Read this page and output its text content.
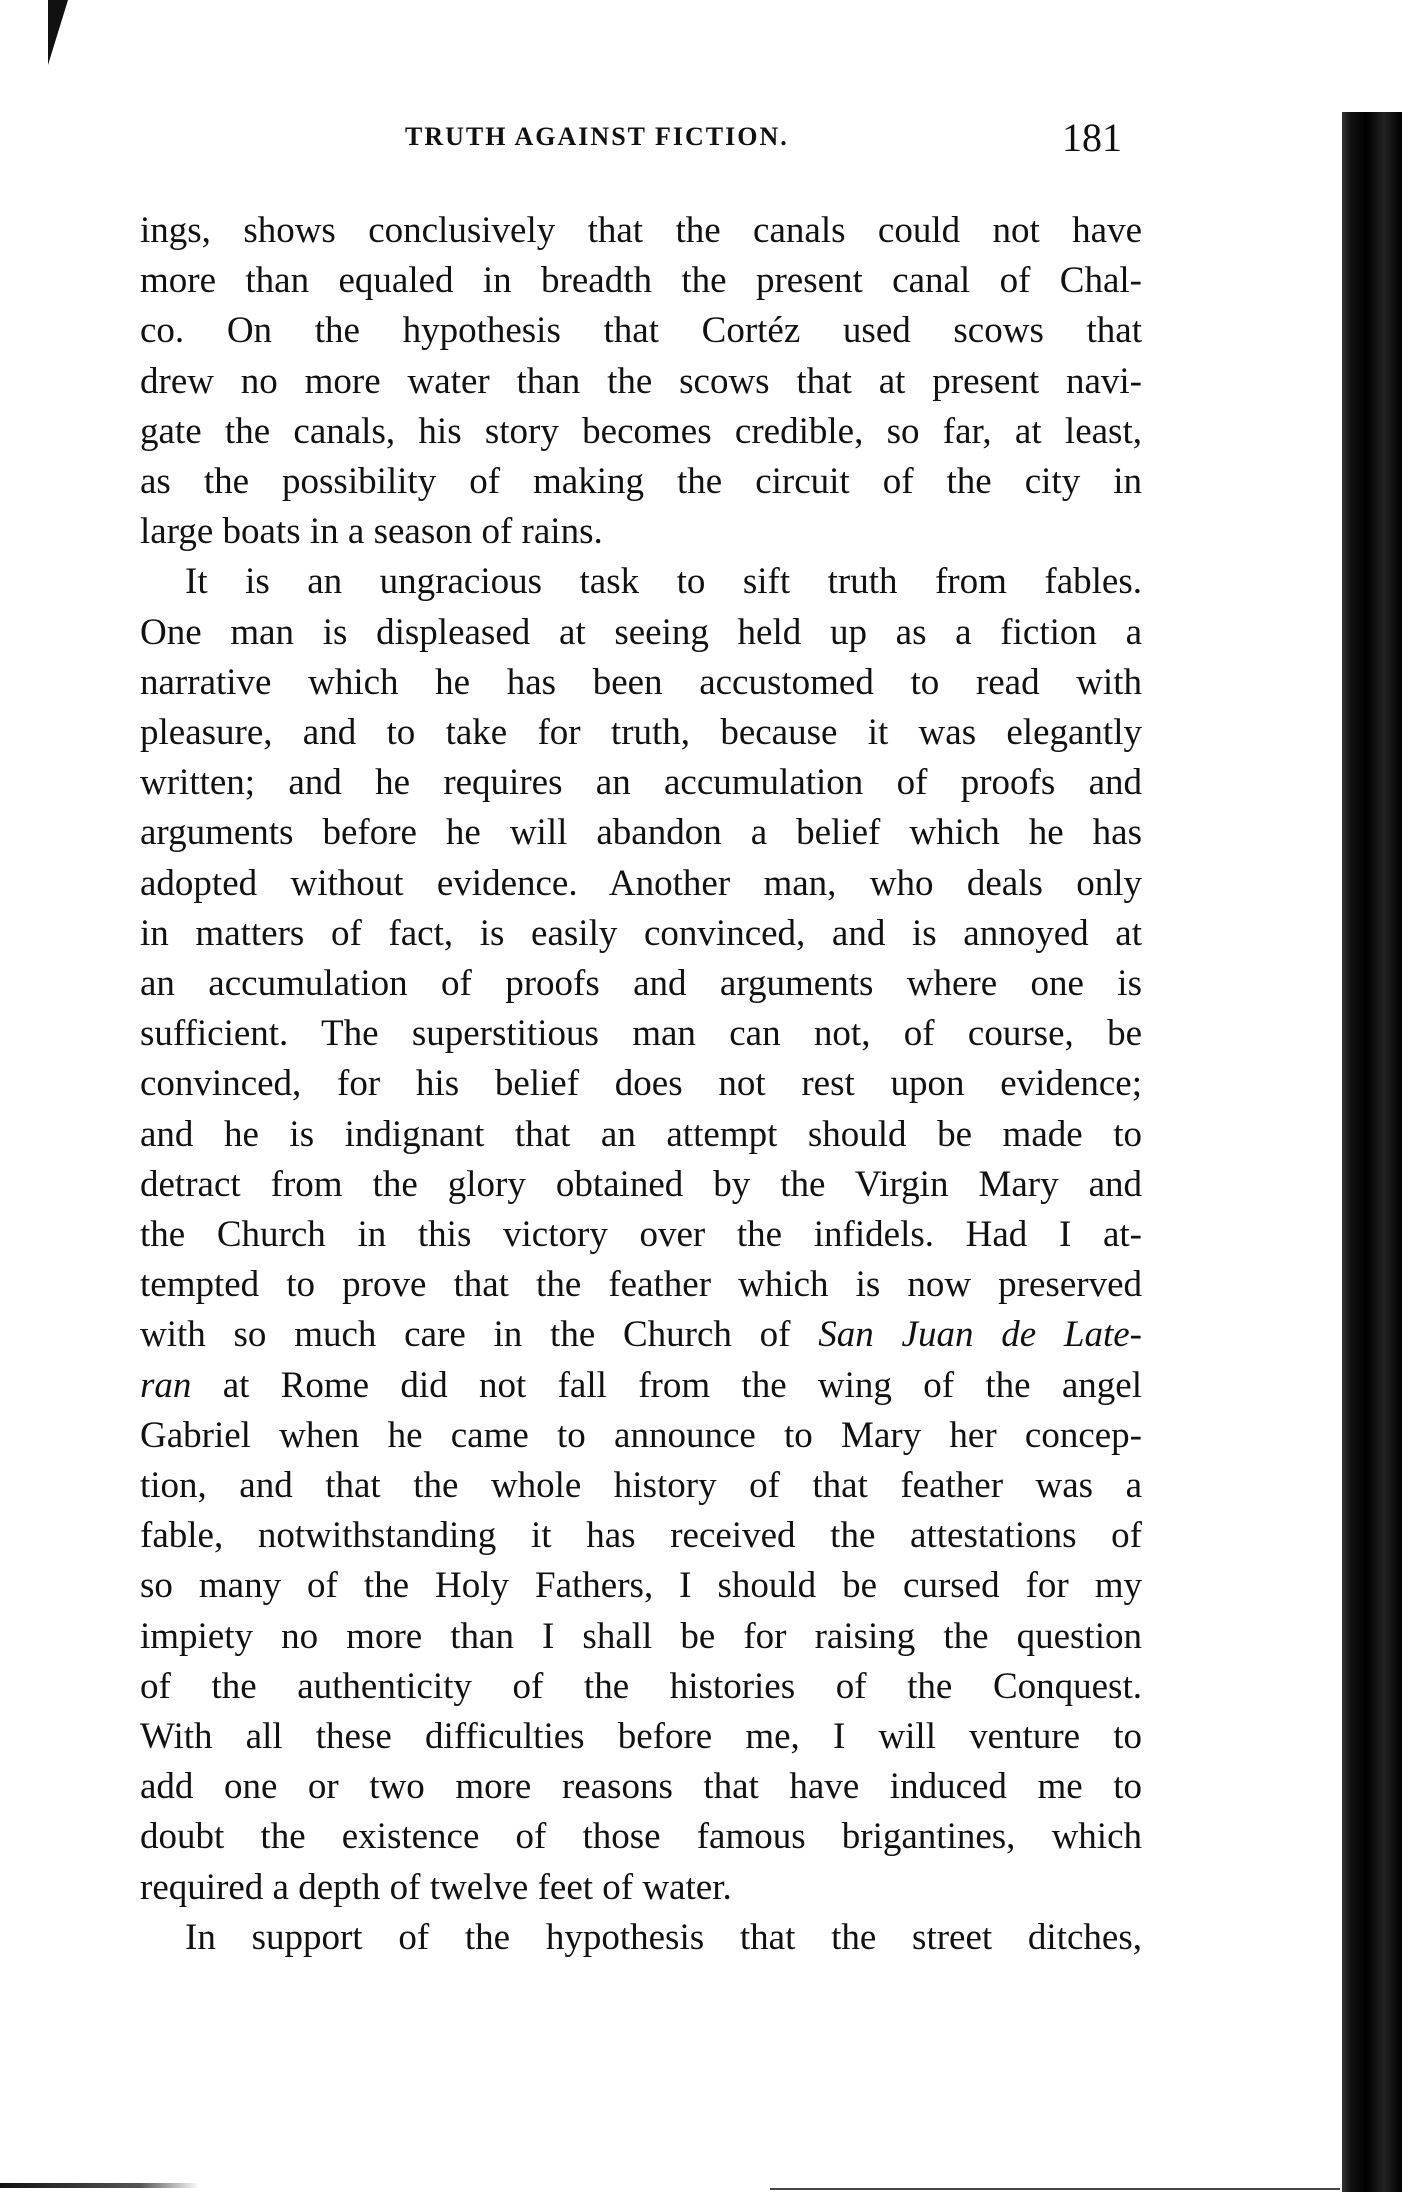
TRUTH AGAINST FICTION.	181
ings, shows conclusively that the canals could not have
more than equaled in breadth the present canal of Chal-
co. On the hypothesis that Cortéz used scows that
drew no more water than the scows that at present navi-
gate the canals, his story becomes credible, so far, at least,
as the possibility of making the circuit of the city in
large boats in a season of rains.
It is an ungracious task to sift truth from fables.
One man is displeased at seeing held up as a fiction a
narrative which he has been accustomed to read with
pleasure, and to take for truth, because it was elegantly
written; and he requires an accumulation of proofs and
arguments before he will abandon a belief which he has
adopted without evidence. Another man, who deals only
in matters of fact, is easily convinced, and is annoyed at
an accumulation of proofs and arguments where one is
sufficient. The superstitious man can not, of course, be
convinced, for his belief does not rest upon evidence;
and he is indignant that an attempt should be made to
detract from the glory obtained by the Virgin Mary and
the Church in this victory over the infidels. Had I at-
tempted to prove that the feather which is now preserved
with so much care in the Church of San Juan de Late-
ran at Rome did not fall from the wing of the angel
Gabriel when he came to announce to Mary her concep-
tion, and that the whole history of that feather was a
fable, notwithstanding it has received the attestations of
so many of the Holy Fathers, I should be cursed for my
impiety no more than I shall be for raising the question
of the authenticity of the histories of the Conquest.
With all these difficulties before me, I will venture to
add one or two more reasons that have induced me to
doubt the existence of those famous brigantines, which
required a depth of twelve feet of water.
In support of the hypothesis that the street ditches,
